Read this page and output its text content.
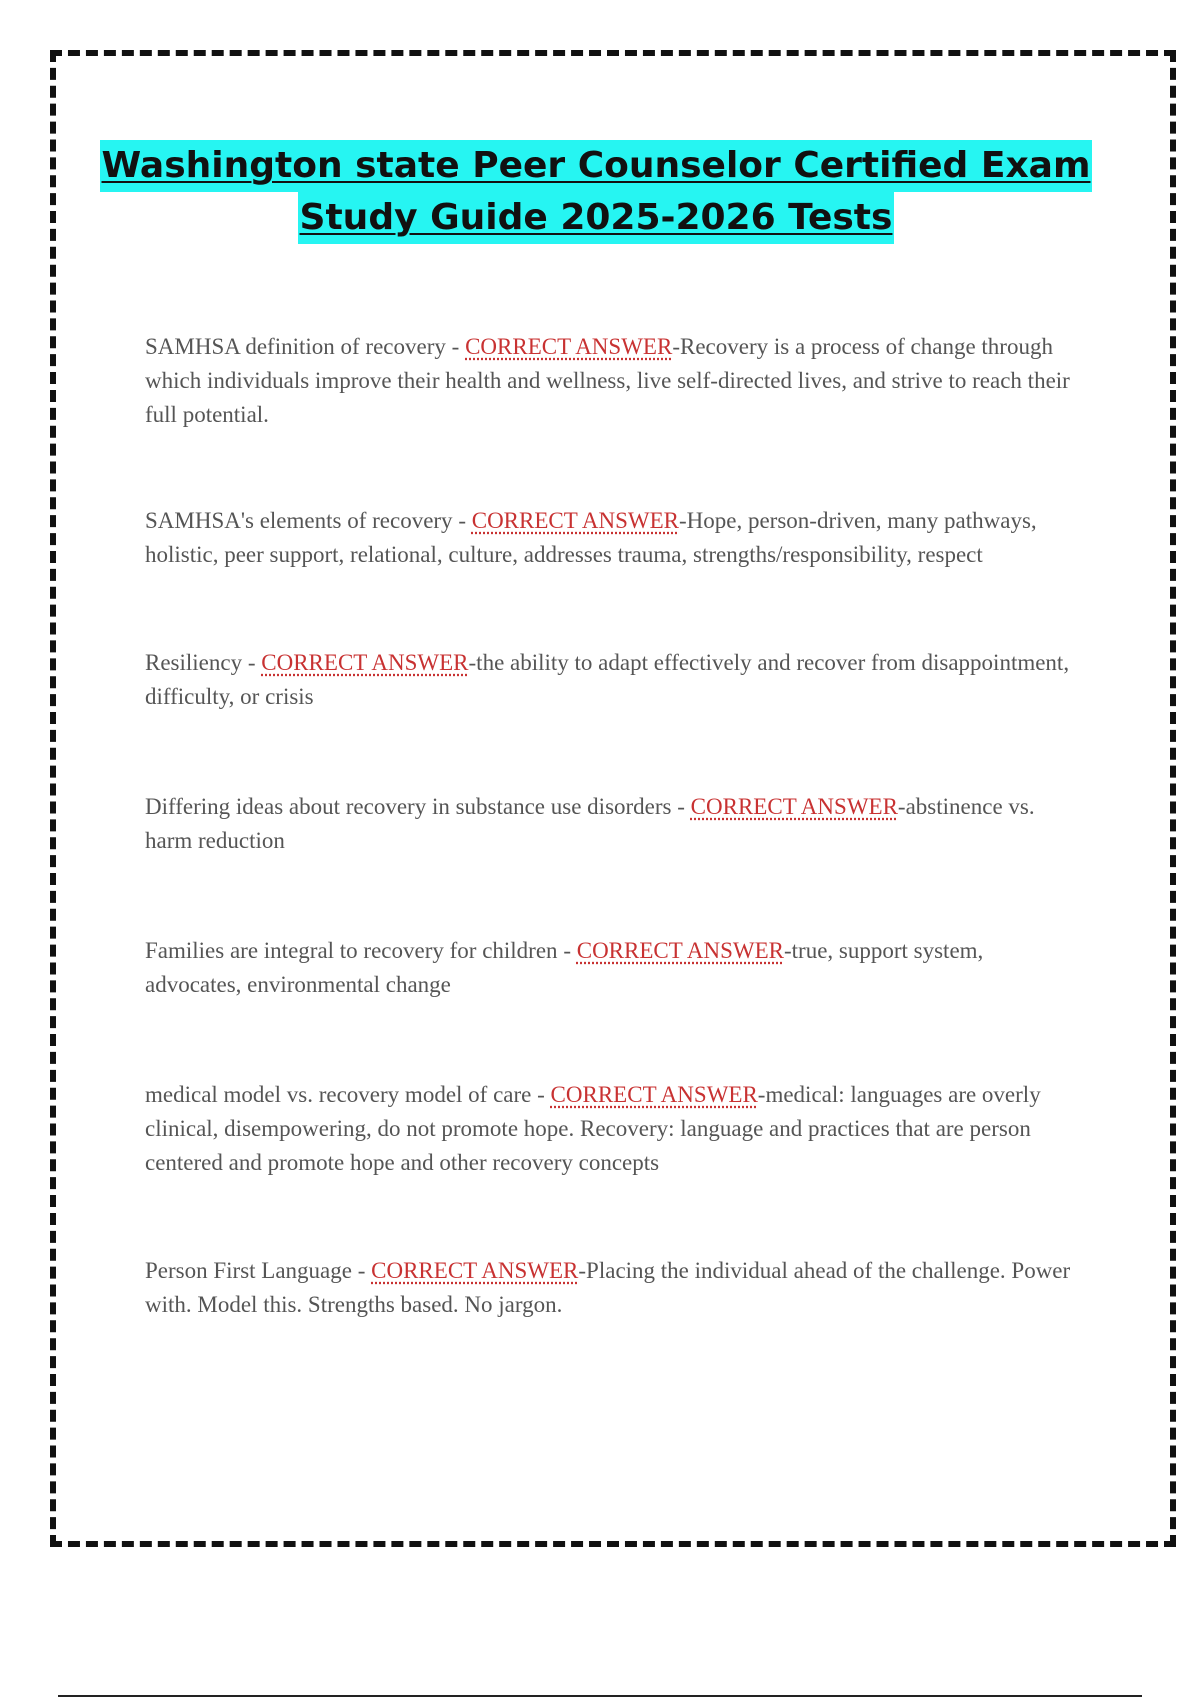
Washington state Peer Counselor Certified Exam
Study Guide 2025-2026 Tests

SAMHSA definition of recovery - CORRECT ANSWER-Recovery is a process of change through which individuals improve their health and wellness, live self-directed lives, and strive to reach their full potential.

SAMHSA's elements of recovery - CORRECT ANSWER-Hope, person-driven, many pathways, holistic, peer support, relational, culture, addresses trauma, strengths/responsibility, respect

Resiliency - CORRECT ANSWER-the ability to adapt effectively and recover from disappointment, difficulty, or crisis

Differing ideas about recovery in substance use disorders - CORRECT ANSWER-abstinence vs. harm reduction

Families are integral to recovery for children - CORRECT ANSWER-true, support system, advocates, environmental change

medical model vs. recovery model of care - CORRECT ANSWER-medical: languages are overly clinical, disempowering, do not promote hope. Recovery: language and practices that are person centered and promote hope and other recovery concepts

Person First Language - CORRECT ANSWER-Placing the individual ahead of the challenge. Power with. Model this. Strengths based. No jargon.
